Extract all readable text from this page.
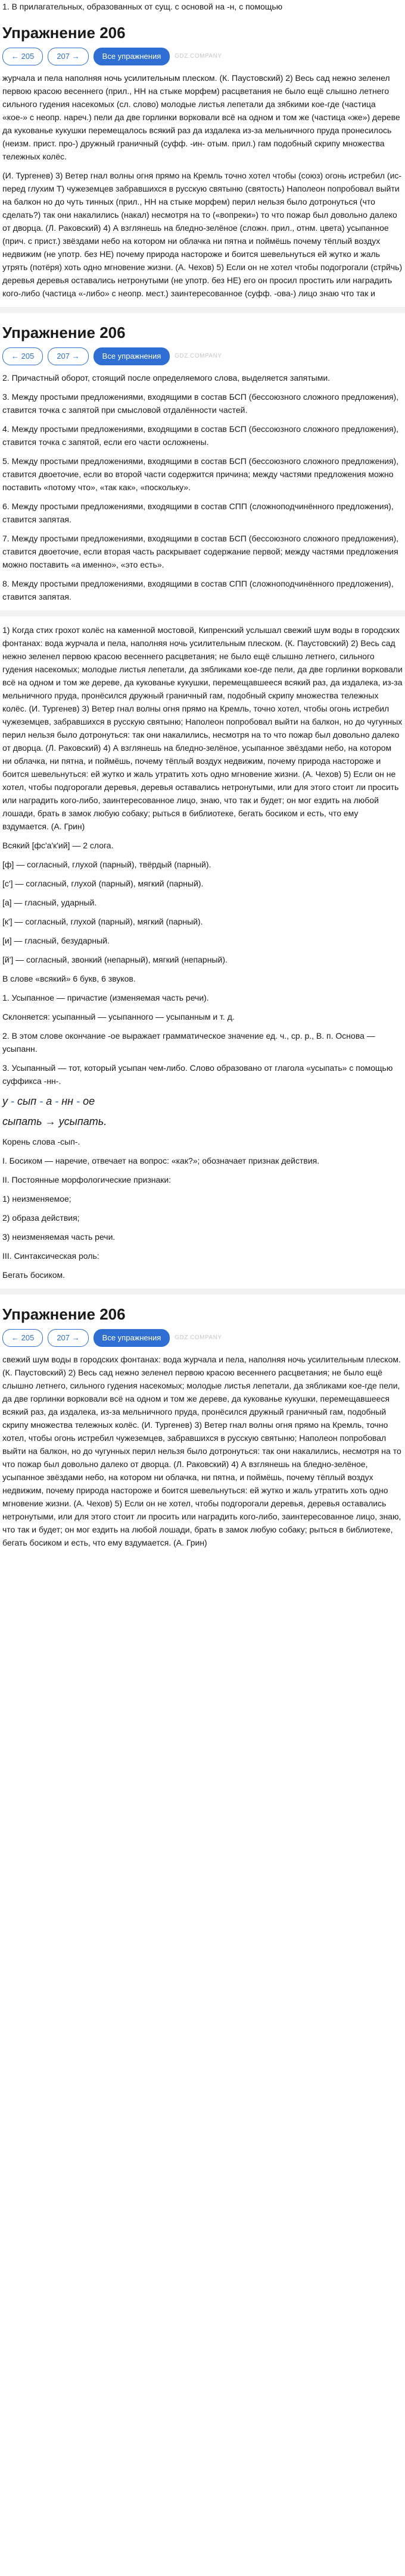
1. В прилагательных, образованных от сущ. с основой на -н, с помощью

Упражнение 206
← 205	207 →	Все упражнения	GDZ.COMPANY

журчала и пела наполняя ночь усилительным плеском. (К. Паустовский) 2) Весь сад нежно зеленел первою красою весеннего (прил., НН на стыке морфем) расцветания не было ещё слышно летнего сильного гудения насекомых (сл. слово) молодые листья лепетали да зябкими кое-где (частица «кое-» с неопр. нареч.) пели да две горлинки ворковали всё на одном и том же (частица «же») дереве да кукованье кукушки перемещалось всякий раз да издалека из-за мельничного пруда пронесилось (неизм. прист. про-) дружный граничный (суфф. -ин- отым. прил.) гам подобный скрипу множества тележных колёс.

(И. Тургенев) 3) Ветер гнал волны огня прямо на Кремль точно хотел чтобы (союз) огонь истребил (ис- перед глухим Т) чужеземцев забравшихся в русскую святыню (святость) Наполеон попробовал выйти на балкон но до чуть тинных (прил., НН на стыке морфем) перил нельзя было дотронуться (что сделать?) так они накалились (накал) несмотря на то («вопреки») то что пожар был довольно далеко от дворца. (Л. Раковский) 4) А взглянешь на бледно-зелёное (сложн. прил., отнм. цвета) усыпанное (прич. с прист.) звёздами небо на котором ни облачка ни пятна и поймёшь почему тёплый воздух недвижим (не употр. без НЕ) почему природа настороже и боится шевельнуться ей жутко и жаль утрять (потёря) хоть одно мгновение жизни. (А. Чехов) 5) Если он не хотел чтобы подогрогали (стрйчь) деревья деревья оставались нетронутыми (не употр. без НЕ) его он просил простить или наградить кого-либо (частица «-либо» с неопр. мест.) заинтересованное (суфф. -ова-) лицо знаю что так и

Упражнение 206
← 205	207 →	Все упражнения	GDZ.COMPANY

2. Причастный оборот, стоящий после определяемого слова, выделяется запятыми.

3. Между простыми предложениями, входящими в состав БСП (бессоюзного сложного предложения), ставится точка с запятой при смысловой отдалённости частей.

4. Между простыми предложениями, входящими в состав БСП (бессоюзного сложного предложения), ставится точка с запятой, если его части осложнены.

5. Между простыми предложениями, входящими в состав БСП (бессоюзного сложного предложения), ставится двоеточие, если во второй части содержится причина; между частями предложения можно поставить «потому что», «так как», «поскольку».

6. Между простыми предложениями, входящими в состав СПП (сложноподчинённого предложения), ставится запятая.

7. Между простыми предложениями, входящими в состав БСП (бессоюзного сложного предложения), ставится двоеточие, если вторая часть раскрывает содержание первой; между частями предложения можно поставить «а именно», «это есть».

8. Между простыми предложениями, входящими в состав СПП (сложноподчинённого предложения), ставится запятая.

1) Когда стих грохот колёс на каменной мостовой, Кипренский услышал свежий шум воды в городских фонтанах: вода журчала и пела, наполняя ночь усилительным плеском. (К. Паустовский) 2) Весь сад нежно зеленел первою красою весеннего расцветания; не было ещё слышно летнего, сильного гудения насекомых; молодые листья лепетали, да зябликами кое-где пели, да две горлинки ворковали всё на одном и том же дереве, да кукованье кукушки, перемещавшееся всякий раз, да издалека, из-за мельничного пруда, пронёсился дружный граничный гам, подобный скрипу множества тележных колёс. (И. Тургенев) 3) Ветер гнал волны огня прямо на Кремль, точно хотел, чтобы огонь истребил чужеземцев, забравшихся в русскую святыню; Наполеон попробовал выйти на балкон, но до чугунных перил нельзя было дотронуться: так они накалились, несмотря на то что пожар был довольно далеко от дворца. (Л. Раковский) 4) А взглянешь на бледно-зелёное, усыпанное звёздами небо, на котором ни облачка, ни пятна, и поймёшь, почему тёплый воздух недвижим, почему природа настороже и боится шевельнуться: ей жутко и жаль утратить хоть одно мгновение жизни. (А. Чехов) 5) Если он не хотел, чтобы подгорогали деревья, деревья оставались нетронутыми, или для этого стоит ли просить или наградить кого-либо, заинтересованное лицо, знаю, что так и будет; он мог ездить на любой лошади, брать в замок любую собаку; рыться в библиотеке, бегать босиком и есть, что ему вздумается. (А. Грин)

Всякий [фс'а'к'ий] — 2 слога.

[ф] — согласный, глухой (парный), твёрдый (парный).

[с'] — согласный, глухой (парный), мягкий (парный).

[а] — гласный, ударный.

[к'] — согласный, глухой (парный), мягкий (парный).

[и] — гласный, безударный.

[й'] — согласный, звонкий (непарный), мягкий (непарный).

В слове «всякий» 6 букв, 6 звуков.

1. Усыпанное — причастие (изменяемая часть речи).

Склоняется: усыпанный — усыпанного — усыпанным и т. д.

2. В этом слове окончание -ое выражает грамматическое значение ед. ч., ср. р., В. п. Основа — усыпанн.

3. Усыпанный — тот, который усыпан чем-либо. Слово образовано от глагола «усыпать» с помощью суффикса -нн-.

у - сып - а - нн - ое
сыпать → усыпать.

Корень слова -сып-.

I. Босиком — наречие, отвечает на вопрос: «как?»; обозначает признак действия.

II. Постоянные морфологические признаки:

1) неизменяемое;

2) образа действия;

3) неизменяемая часть речи.

III. Синтаксическая роль:

Бегать босиком.

Упражнение 206
← 205	207 →	Все упражнения	GDZ.COMPANY

свежий шум воды в городских фонтанах: вода журчала и пела, наполняя ночь усилительным плеском. (К. Паустовский) 2) Весь сад нежно зеленел первою красою весеннего расцветания; не было ещё слышно летнего, сильного гудения насекомых; молодые листья лепетали, да зябликами кое-где пели, да две горлинки ворковали всё на одном и том же дереве, да кукованье кукушки, перемещавшееся всякий раз, да издалека, из-за мельничного пруда, пронёсился дружный граничный гам, подобный скрипу множества тележных колёс. (И. Тургенев) 3) Ветер гнал волны огня прямо на Кремль, точно хотел, чтобы огонь истребил чужеземцев, забравшихся в русскую святыню; Наполеон попробовал выйти на балкон, но до чугунных перил нельзя было дотронуться: так они накалились, несмотря на то что пожар был довольно далеко от дворца. (Л. Раковский) 4) А взглянешь на бледно-зелёное, усыпанное звёздами небо, на котором ни облачка, ни пятна, и поймёшь, почему тёплый воздух недвижим, почему природа настороже и боится шевельнуться: ей жутко и жаль утратить хоть одно мгновение жизни. (А. Чехов) 5) Если он не хотел, чтобы подгорогали деревья, деревья оставались нетронутыми, или для этого стоит ли просить или наградить кого-либо, заинтересованное лицо, знаю, что так и будет; он мог ездить на любой лошади, брать в замок любую собаку; рыться в библиотеке, бегать босиком и есть, что ему вздумается. (А. Грин)
